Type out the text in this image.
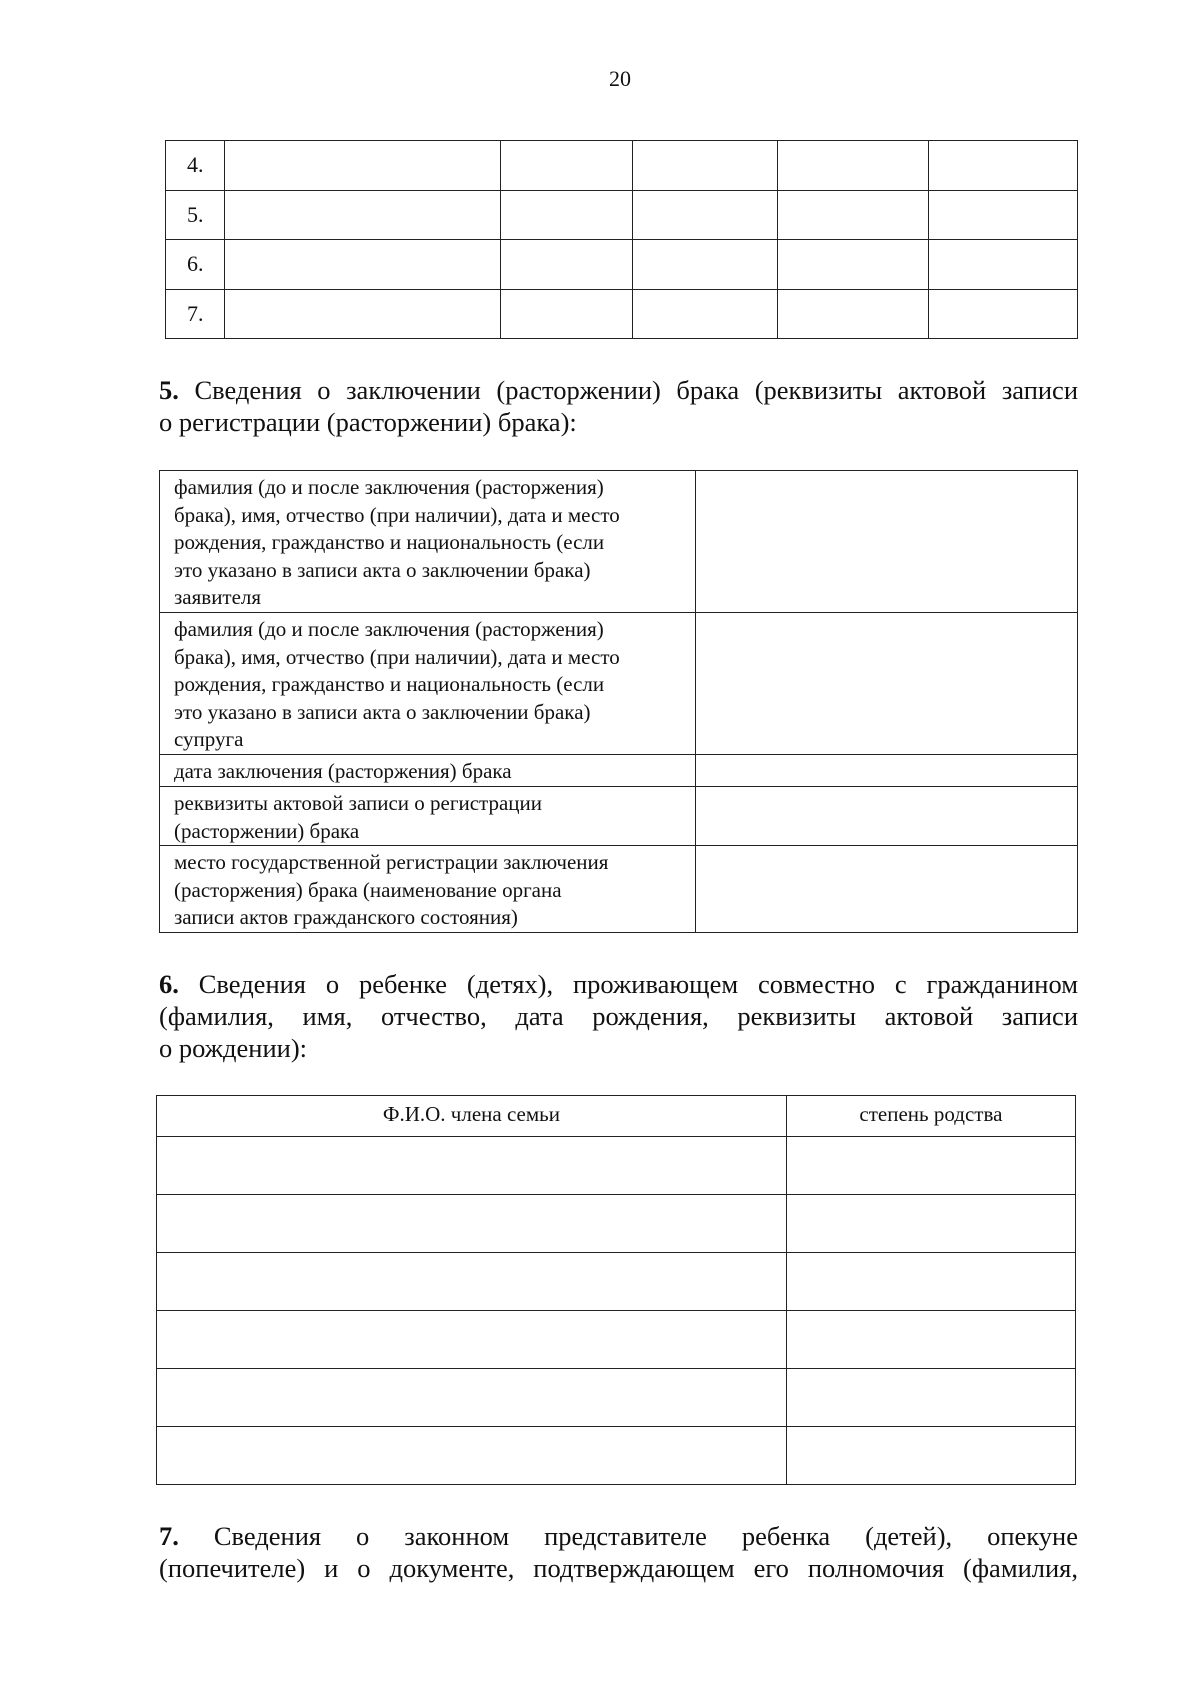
20
4.					
5.					
6.					
7.					
5. Сведения о заключении (расторжении) брака (реквизиты актовой записи
о регистрации (расторжении) брака):
фамилия (до и после заключения (расторжения)
брака), имя, отчество (при наличии), дата и место
рождения, гражданство и национальность (если
это указано в записи акта о заключении брака)
заявителя	

фамилия (до и после заключения (расторжения)
брака), имя, отчество (при наличии), дата и место
рождения, гражданство и национальность (если
это указано в записи акта о заключении брака)
супруга	

дата заключения (расторжения) брака	

реквизиты актовой записи о регистрации
(расторжении) брака	

место государственной регистрации заключения
(расторжения) брака (наименование органа
записи актов гражданского состояния)	

6. Сведения о ребенке (детях), проживающем совместно с гражданином
(фамилия, имя, отчество, дата рождения, реквизиты актовой записи
о рождении):
Ф.И.О. члена семьи	степень родства

7. Сведения о законном представителе ребенка (детей), опекуне
(попечителе) и о документе, подтверждающем его полномочия (фамилия,
